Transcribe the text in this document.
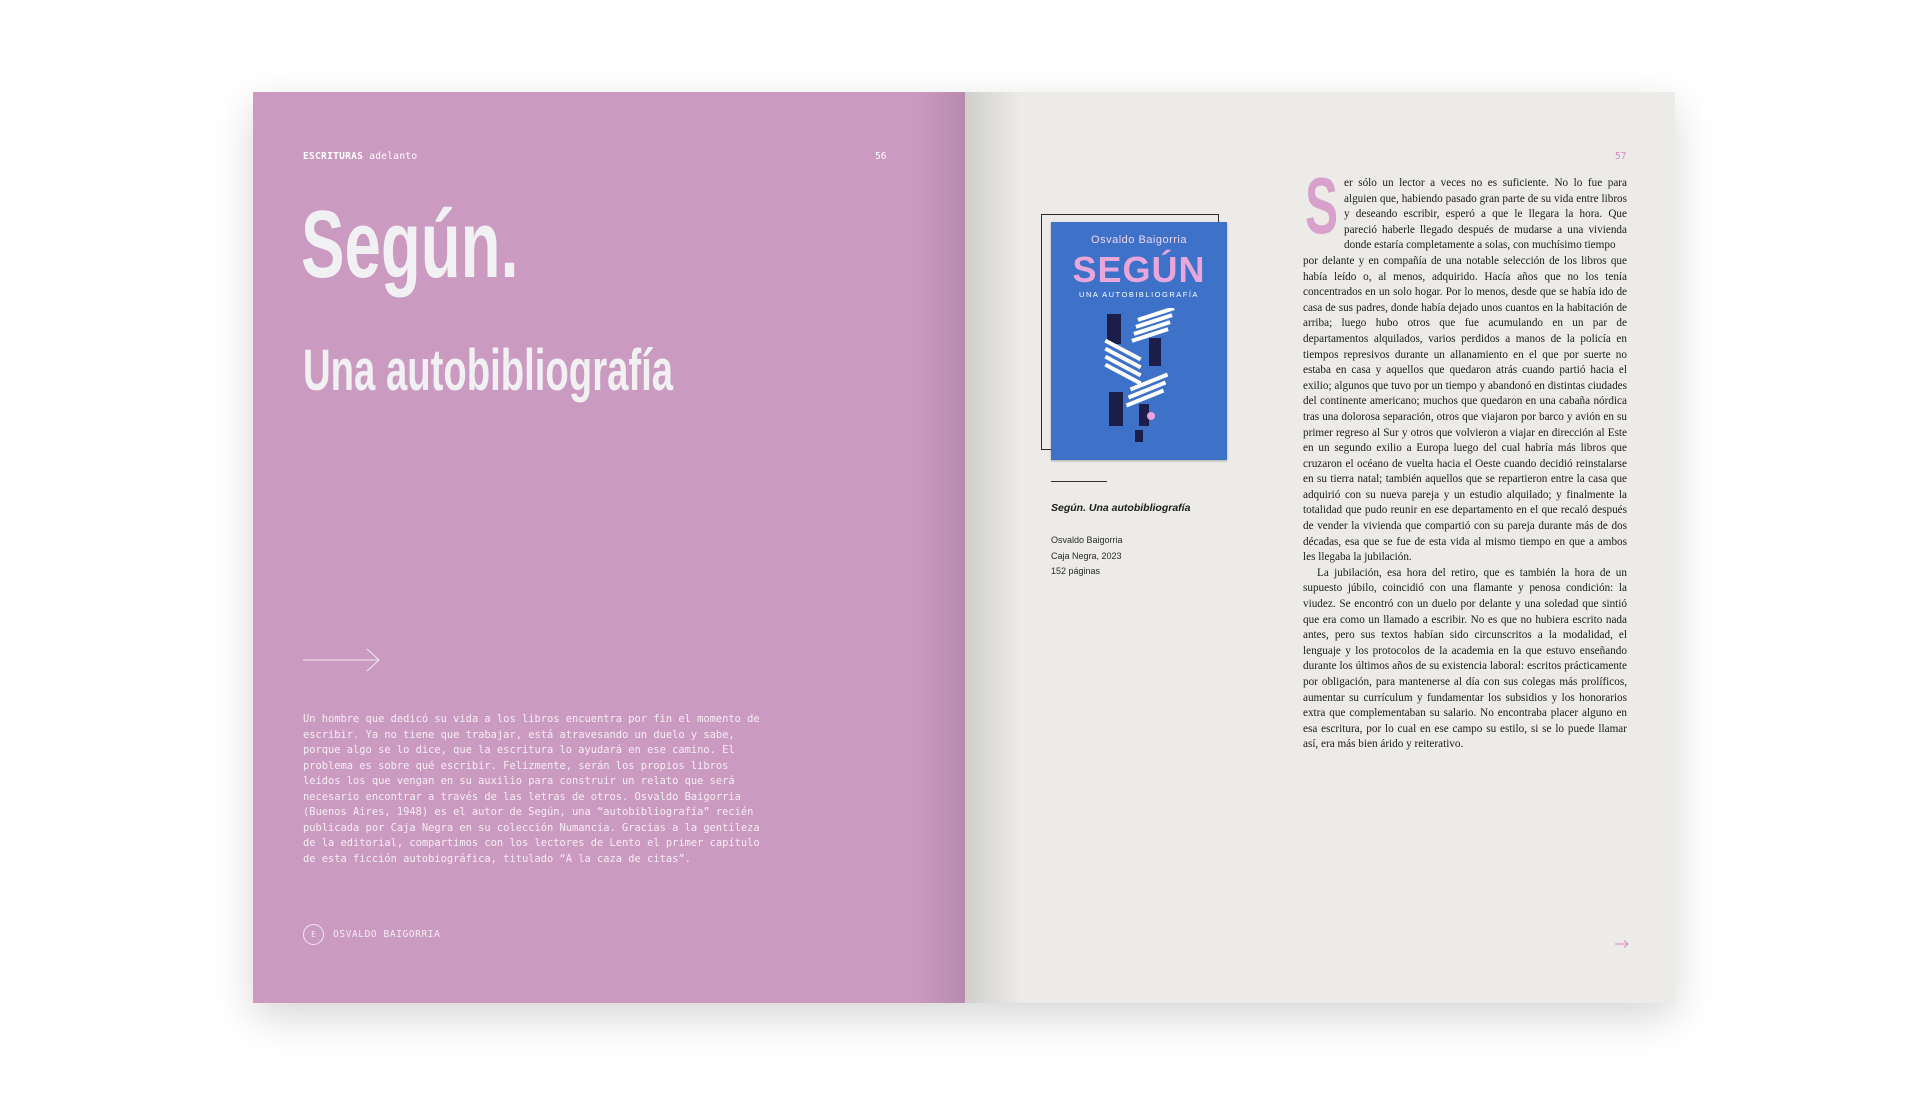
ESCRITURAS adelanto	56
Según.
Una autobibliografía
Un hombre que dedicó su vida a los libros encuentra por fin el momento de escribir. Ya no tiene que trabajar, está atravesando un duelo y sabe, porque algo se lo dice, que la escritura lo ayudará en ese camino. El problema es sobre qué escribir. Felizmente, serán los propios libros leídos los que vengan en su auxilio para construir un relato que será necesario encontrar a través de las letras de otros. Osvaldo Baigorria (Buenos Aires, 1948) es el autor de Según, una “autobibliografía” recién publicada por Caja Negra en su colección Numancia. Gracias a la gentileza de la editorial, compartimos con los lectores de Lento el primer capítulo de esta ficción autobiográfica, titulado “A la caza de citas”.
E	OSVALDO BAIGORRIA
57
Osvaldo Baigorria
SEGÚN
UNA AUTOBIBLIOGRAFÍA
Según. Una autobibliografía
Osvaldo Baigorria
Caja Negra, 2023
152 páginas
S er sólo un lector a veces no es suficiente. No lo fue para alguien que, habiendo pasado gran parte de su vida entre libros y deseando escribir, esperó a que le llegara la hora. Que pareció haberle llegado después de mudarse a una vivienda donde estaría completamente a solas, con muchísimo tiempo

por delante y en compañía de una notable selección de los libros que había leído o, al menos, adquirido. Hacía años que no los tenía concentrados en un solo hogar. Por lo menos, desde que se había ido de casa de sus padres, donde había dejado unos cuantos en la habitación de arriba; luego hubo otros que fue acumulando en un par de departamentos alquilados, varios perdidos a manos de la policía en tiempos represivos durante un allanamiento en el que por suerte no estaba en casa y aquellos que quedaron atrás cuando partió hacia el exilio; algunos que tuvo por un tiempo y abandonó en distintas ciudades del continente americano; muchos que quedaron en una cabaña nórdica tras una dolorosa separación, otros que viajaron por barco y avión en su primer regreso al Sur y otros que volvieron a viajar en dirección al Este en un segundo exilio a Europa luego del cual habría más libros que cruzaron el océano de vuelta hacia el Oeste cuando decidió reinstalarse en su tierra natal; también aquellos que se repartieron entre la casa que adquirió con su nueva pareja y un estudio alquilado; y finalmente la totalidad que pudo reunir en ese departamento en el que recaló después de vender la vivienda que compartió con su pareja durante más de dos décadas, esa que se fue de esta vida al mismo tiempo en que a ambos les llegaba la jubilación.

La jubilación, esa hora del retiro, que es también la hora de un supuesto júbilo, coincidió con una flamante y penosa condición: la viudez. Se encontró con un duelo por delante y una soledad que sintió que era como un llamado a escribir. No es que no hubiera escrito nada antes, pero sus textos habían sido circunscritos a la modalidad, el lenguaje y los protocolos de la academia en la que estuvo enseñando durante los últimos años de su existencia laboral: escritos prácticamente por obligación, para mantenerse al día con sus colegas más prolíficos, aumentar su currículum y fundamentar los subsidios y los honorarios extra que complementaban su salario. No encontraba placer alguno en esa escritura, por lo cual en ese campo su estilo, si se lo puede llamar así, era más bien árido y reiterativo.
